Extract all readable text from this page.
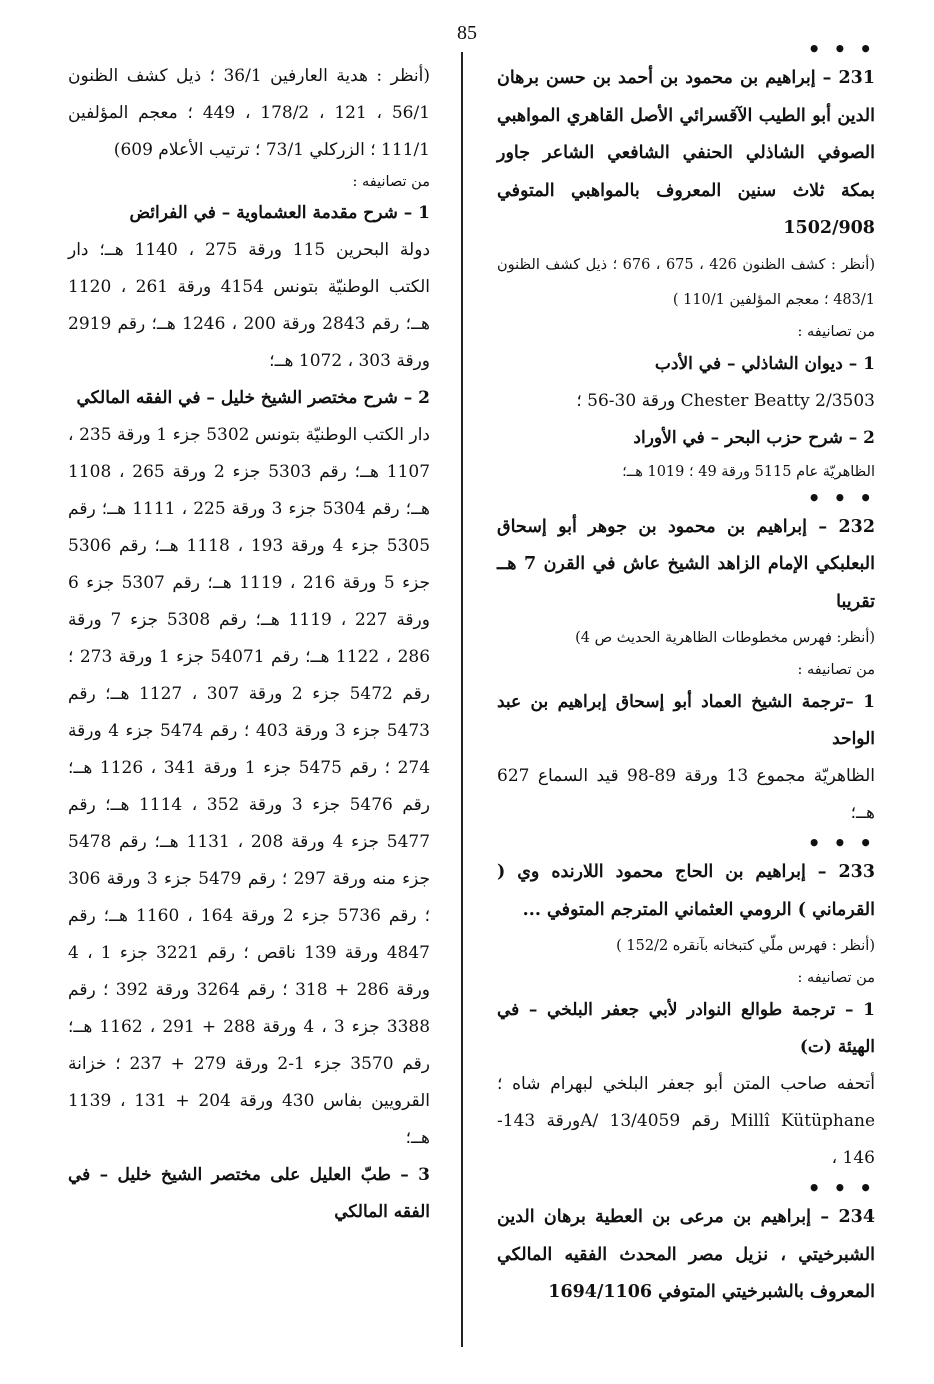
85
• • •

231 – إبراهيم بن محمود بن أحمد بن حسن برهان الدين أبو الطيب الآقسرائي الأصل القاهري المواهبي الصوفي الشاذلي الحنفي الشافعي الشاعر جاور بمكة ثلاث سنين المعروف بالمواهبي المتوفي 1502/908

(أنظر : كشف الظنون 426 ، 675 ، 676 ؛ ذيل كشف الظنون 483/1 ؛ معجم المؤلفين 110/1 )

من تصانيفه :

1 – ديوان الشاذلي – في الأدب

Chester Beatty 2/3503 ورقة 30-56 ؛

2 – شرح حزب البحر – في الأوراد

الظاهريّة عام 5115 ورقة 49 ؛ 1019 هــ؛

• • •

232 – إبراهيم بن محمود بن جوهر أبو إسحاق البعلبكي الإمام الزاهد الشيخ عاش في القرن 7 هــ تقريبا

(أنظر: فهرس مخطوطات الظاهرية الحديث ص 4)

من تصانيفه :

1 –ترجمة الشيخ العماد أبو إسحاق إبراهيم بن عبد الواحد

الظاهريّة مجموع 13 ورقة 89-98 قيد السماع 627 هــ؛

• • •

233 – إبراهيم بن الحاج محمود اللارنده وي ( القرماني ) الرومي العثماني المترجم المتوفي ...

(أنظر : فهرس ملّي كتبخانه بآنقره 152/2 )

من تصانيفه :

1 – ترجمة طوالع النوادر لأبي جعفر البلخي – في الهيئة (ت)

أتحفه صاحب المتن أبو جعفر البلخي لبهرام شاه ؛ Millî Kütüphane رقم A/ 13/4059ورقة 143-146 ،

• • •

234 – إبراهيم بن مرعى بن العطية برهان الدين الشبرخيتي ، نزيل مصر المحدث الفقيه المالكي المعروف بالشبرخيتي المتوفي 1694/1106

(أنظر : هدية العارفين 36/1 ؛ ذيل كشف الظنون 56/1 ، 121 ، 178/2 ، 449 ؛ معجم المؤلفين 111/1 ؛ الزركلي 73/1 ؛ ترتيب الأعلام 609)

من تصانيفه :

1 – شرح مقدمة العشماوية – في الفرائض

دولة البحرين 115 ورقة 275 ، 1140 هــ؛ دار الكتب الوطنيّة بتونس 4154 ورقة 261 ، 1120 هــ؛ رقم 2843 ورقة 200 ، 1246 هــ؛ رقم 2919 ورقة 303 ، 1072 هــ؛

2 – شرح مختصر الشيخ خليل – في الفقه المالكي

دار الكتب الوطنيّة بتونس 5302 جزء 1 ورقة 235 ، 1107 هــ؛ رقم 5303 جزء 2 ورقة 265 ، 1108 هــ؛ رقم 5304 جزء 3 ورقة 225 ، 1111 هــ؛ رقم 5305 جزء 4 ورقة 193 ، 1118 هــ؛ رقم 5306 جزء 5 ورقة 216 ، 1119 هــ؛ رقم 5307 جزء 6 ورقة 227 ، 1119 هــ؛ رقم 5308 جزء 7 ورقة 286 ، 1122 هــ؛ رقم 54071 جزء 1 ورقة 273 ؛ رقم 5472 جزء 2 ورقة 307 ، 1127 هــ؛ رقم 5473 جزء 3 ورقة 403 ؛ رقم 5474 جزء 4 ورقة 274 ؛ رقم 5475 جزء 1 ورقة 341 ، 1126 هــ؛ رقم 5476 جزء 3 ورقة 352 ، 1114 هــ؛ رقم 5477 جزء 4 ورقة 208 ، 1131 هــ؛ رقم 5478 جزء منه ورقة 297 ؛ رقم 5479 جزء 3 ورقة 306 ؛ رقم 5736 جزء 2 ورقة 164 ، 1160 هــ؛ رقم 4847 ورقة 139 ناقص ؛ رقم 3221 جزء 1 ، 4 ورقة 286 + 318 ؛ رقم 3264 ورقة 392 ؛ رقم 3388 جزء 3 ، 4 ورقة 288 + 291 ، 1162 هــ؛ رقم 3570 جزء 1-2 ورقة 279 + 237 ؛ خزانة القرويين بفاس 430 ورقة 204 + 131 ، 1139 هــ؛

3 – طبّ العليل على مختصر الشيخ خليل – في الفقه المالكي
